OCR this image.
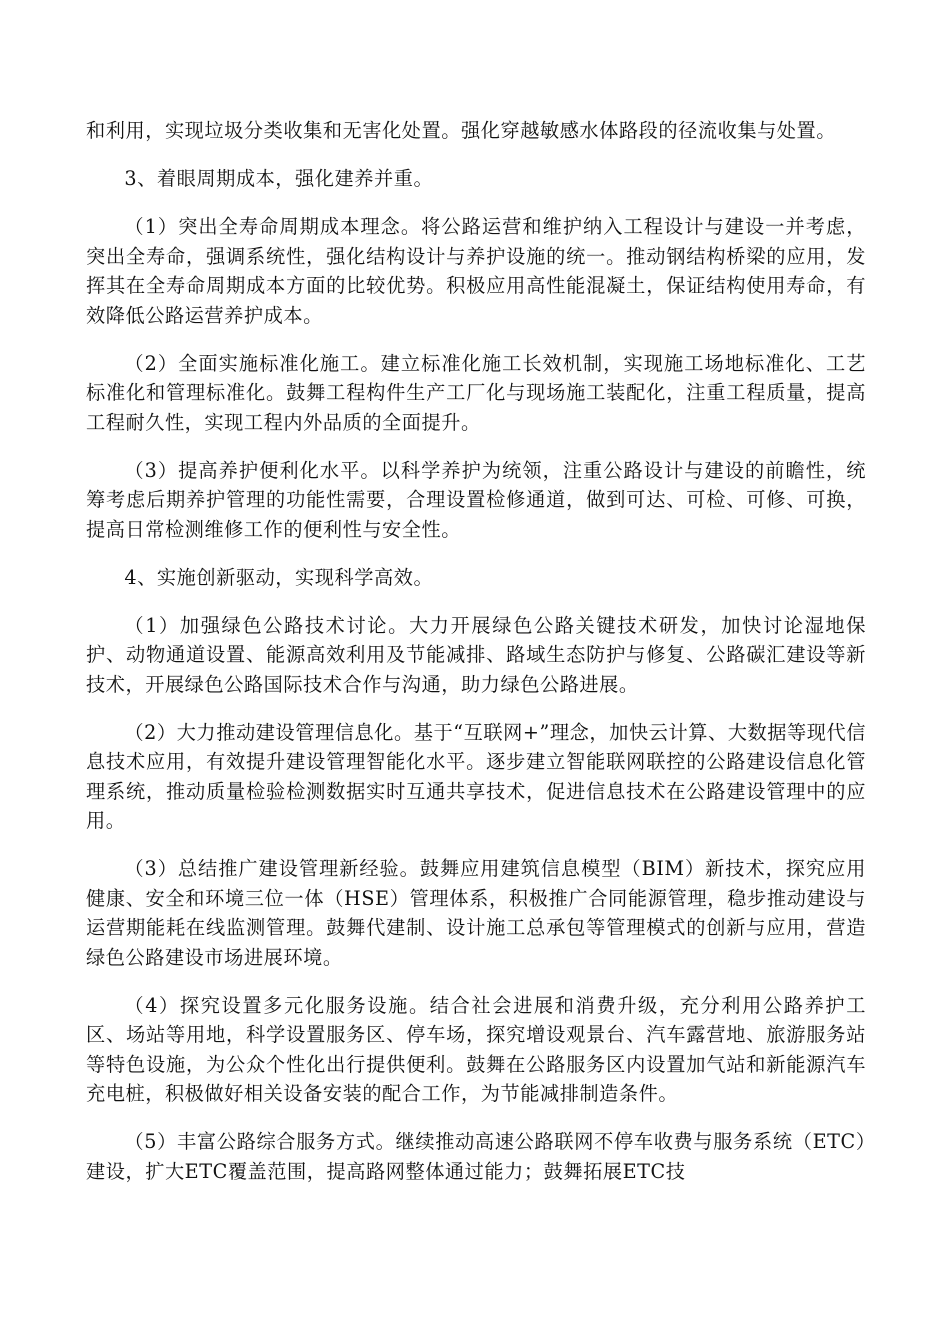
和利用，实现垃圾分类收集和无害化处置。强化穿越敏感水体路段的径流收集与处置。

3、着眼周期成本，强化建养并重。

（1）突出全寿命周期成本理念。将公路运营和维护纳入工程设计与建设一并考虑，突出全寿命，强调系统性，强化结构设计与养护设施的统一。推动钢结构桥梁的应用，发挥其在全寿命周期成本方面的比较优势。积极应用高性能混凝土，保证结构使用寿命，有效降低公路运营养护成本。

（2）全面实施标准化施工。建立标准化施工长效机制，实现施工场地标准化、工艺标准化和管理标准化。鼓舞工程构件生产工厂化与现场施工装配化，注重工程质量，提高工程耐久性，实现工程内外品质的全面提升。

（3）提高养护便利化水平。以科学养护为统领，注重公路设计与建设的前瞻性，统筹考虑后期养护管理的功能性需要，合理设置检修通道，做到可达、可检、可修、可换，提高日常检测维修工作的便利性与安全性。

4、实施创新驱动，实现科学高效。

（1）加强绿色公路技术讨论。大力开展绿色公路关键技术研发，加快讨论湿地保护、动物通道设置、能源高效利用及节能减排、路域生态防护与修复、公路碳汇建设等新技术，开展绿色公路国际技术合作与沟通，助力绿色公路进展。

（2）大力推动建设管理信息化。基于“互联网+”理念，加快云计算、大数据等现代信息技术应用，有效提升建设管理智能化水平。逐步建立智能联网联控的公路建设信息化管理系统，推动质量检验检测数据实时互通共享技术，促进信息技术在公路建设管理中的应用。

（3）总结推广建设管理新经验。鼓舞应用建筑信息模型（BIM）新技术，探究应用健康、安全和环境三位一体（HSE）管理体系，积极推广合同能源管理，稳步推动建设与运营期能耗在线监测管理。鼓舞代建制、设计施工总承包等管理模式的创新与应用，营造绿色公路建设市场进展环境。

（4）探究设置多元化服务设施。结合社会进展和消费升级，充分利用公路养护工区、场站等用地，科学设置服务区、停车场，探究增设观景台、汽车露营地、旅游服务站等特色设施，为公众个性化出行提供便利。鼓舞在公路服务区内设置加气站和新能源汽车充电桩，积极做好相关设备安装的配合工作，为节能减排制造条件。

（5）丰富公路综合服务方式。继续推动高速公路联网不停车收费与服务系统（ETC）建设，扩大ETC覆盖范围，提高路网整体通过能力；鼓舞拓展ETC技
